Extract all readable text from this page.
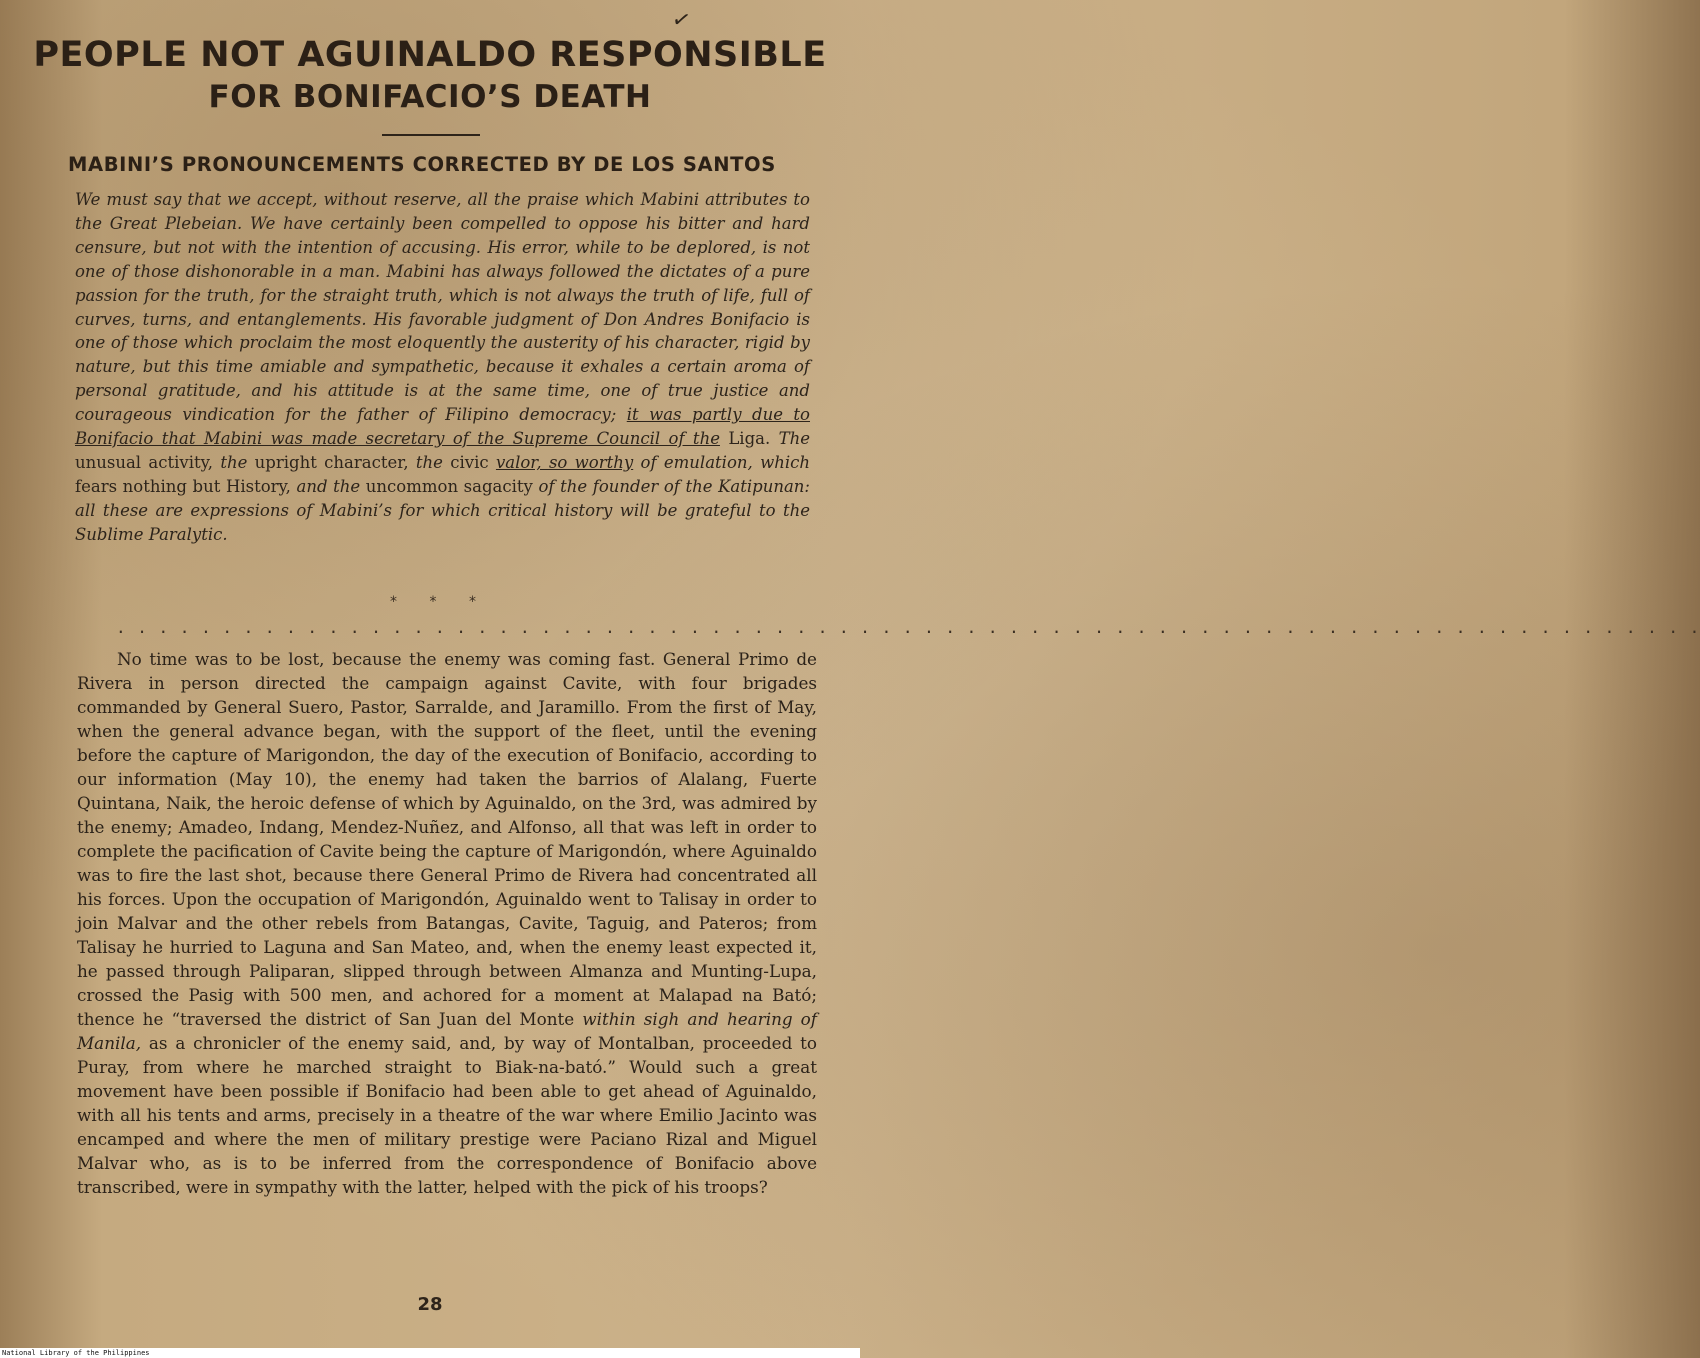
✓
PEOPLE NOT AGUINALDO RESPONSIBLE
FOR BONIFACIO’S DEATH
MABINI’S PRONOUNCEMENTS CORRECTED BY DE LOS SANTOS

We must say that we accept, without reserve, all the praise which Mabini attributes to the Great Plebeian. We have certainly been compelled to oppose his bitter and hard censure, but not with the intention of accusing. His error, while to be deplored, is not one of those dishonorable in a man. Mabini has always followed the dictates of a pure passion for the truth, for the straight truth, which is not always the truth of life, full of curves, turns, and entanglements. His favorable judgment of Don Andres Bonifacio is one of those which proclaim the most eloquently the austerity of his character, rigid by nature, but this time amiable and sympathetic, because it exhales a certain aroma of personal gratitude, and his attitude is at the same time, one of true justice and courageous vindication for the father of Filipino democracy; it was partly due to Bonifacio that Mabini was made secretary of the Supreme Council of the Liga. The unusual activity, the upright character, the civic valor, so worthy of emulation, which fears nothing but History, and the uncommon sagacity of the founder of the Katipunan: all these are expressions of Mabini’s for which critical history will be grateful to the Sublime Paralytic.

* * *

. . . . . . . . . . . . . . . . . . . . . . . . . . . . . . . . . . . . . . . . . . . . . . . . . . . . . . . . . . . . . . . . . . . . . . . . . . .

No time was to be lost, because the enemy was coming fast. General Primo de Rivera in person directed the campaign against Cavite, with four brigades commanded by General Suero, Pastor, Sarralde, and Jaramillo. From the first of May, when the general advance began, with the support of the fleet, until the evening before the capture of Marigondon, the day of the execution of Bonifacio, according to our information (May 10), the enemy had taken the barrios of Alalang, Fuerte Quintana, Naik, the heroic defense of which by Aguinaldo, on the 3rd, was admired by the enemy; Amadeo, Indang, Mendez-Nuñez, and Alfonso, all that was left in order to complete the pacification of Cavite being the capture of Marigondón, where Aguinaldo was to fire the last shot, because there General Primo de Rivera had concentrated all his forces. Upon the occupation of Marigondón, Aguinaldo went to Talisay in order to join Malvar and the other rebels from Batangas, Cavite, Taguig, and Pateros; from Talisay he hurried to Laguna and San Mateo, and, when the enemy least expected it, he passed through Paliparan, slipped through between Almanza and Munting-Lupa, crossed the Pasig with 500 men, and achored for a moment at Malapad na Bató; thence he “traversed the district of San Juan del Monte within sigh and hearing of Manila, as a chronicler of the enemy said, and, by way of Montalban, proceeded to Puray, from where he marched straight to Biak-na-bató.” Would such a great movement have been possible if Bonifacio had been able to get ahead of Aguinaldo, with all his tents and arms, precisely in a theatre of the war where Emilio Jacinto was encamped and where the men of military prestige were Paciano Rizal and Miguel Malvar who, as is to be inferred from the correspondence of Bonifacio above transcribed, were in sympathy with the latter, helped with the pick of his troops?

28

National Library of the Philippines
